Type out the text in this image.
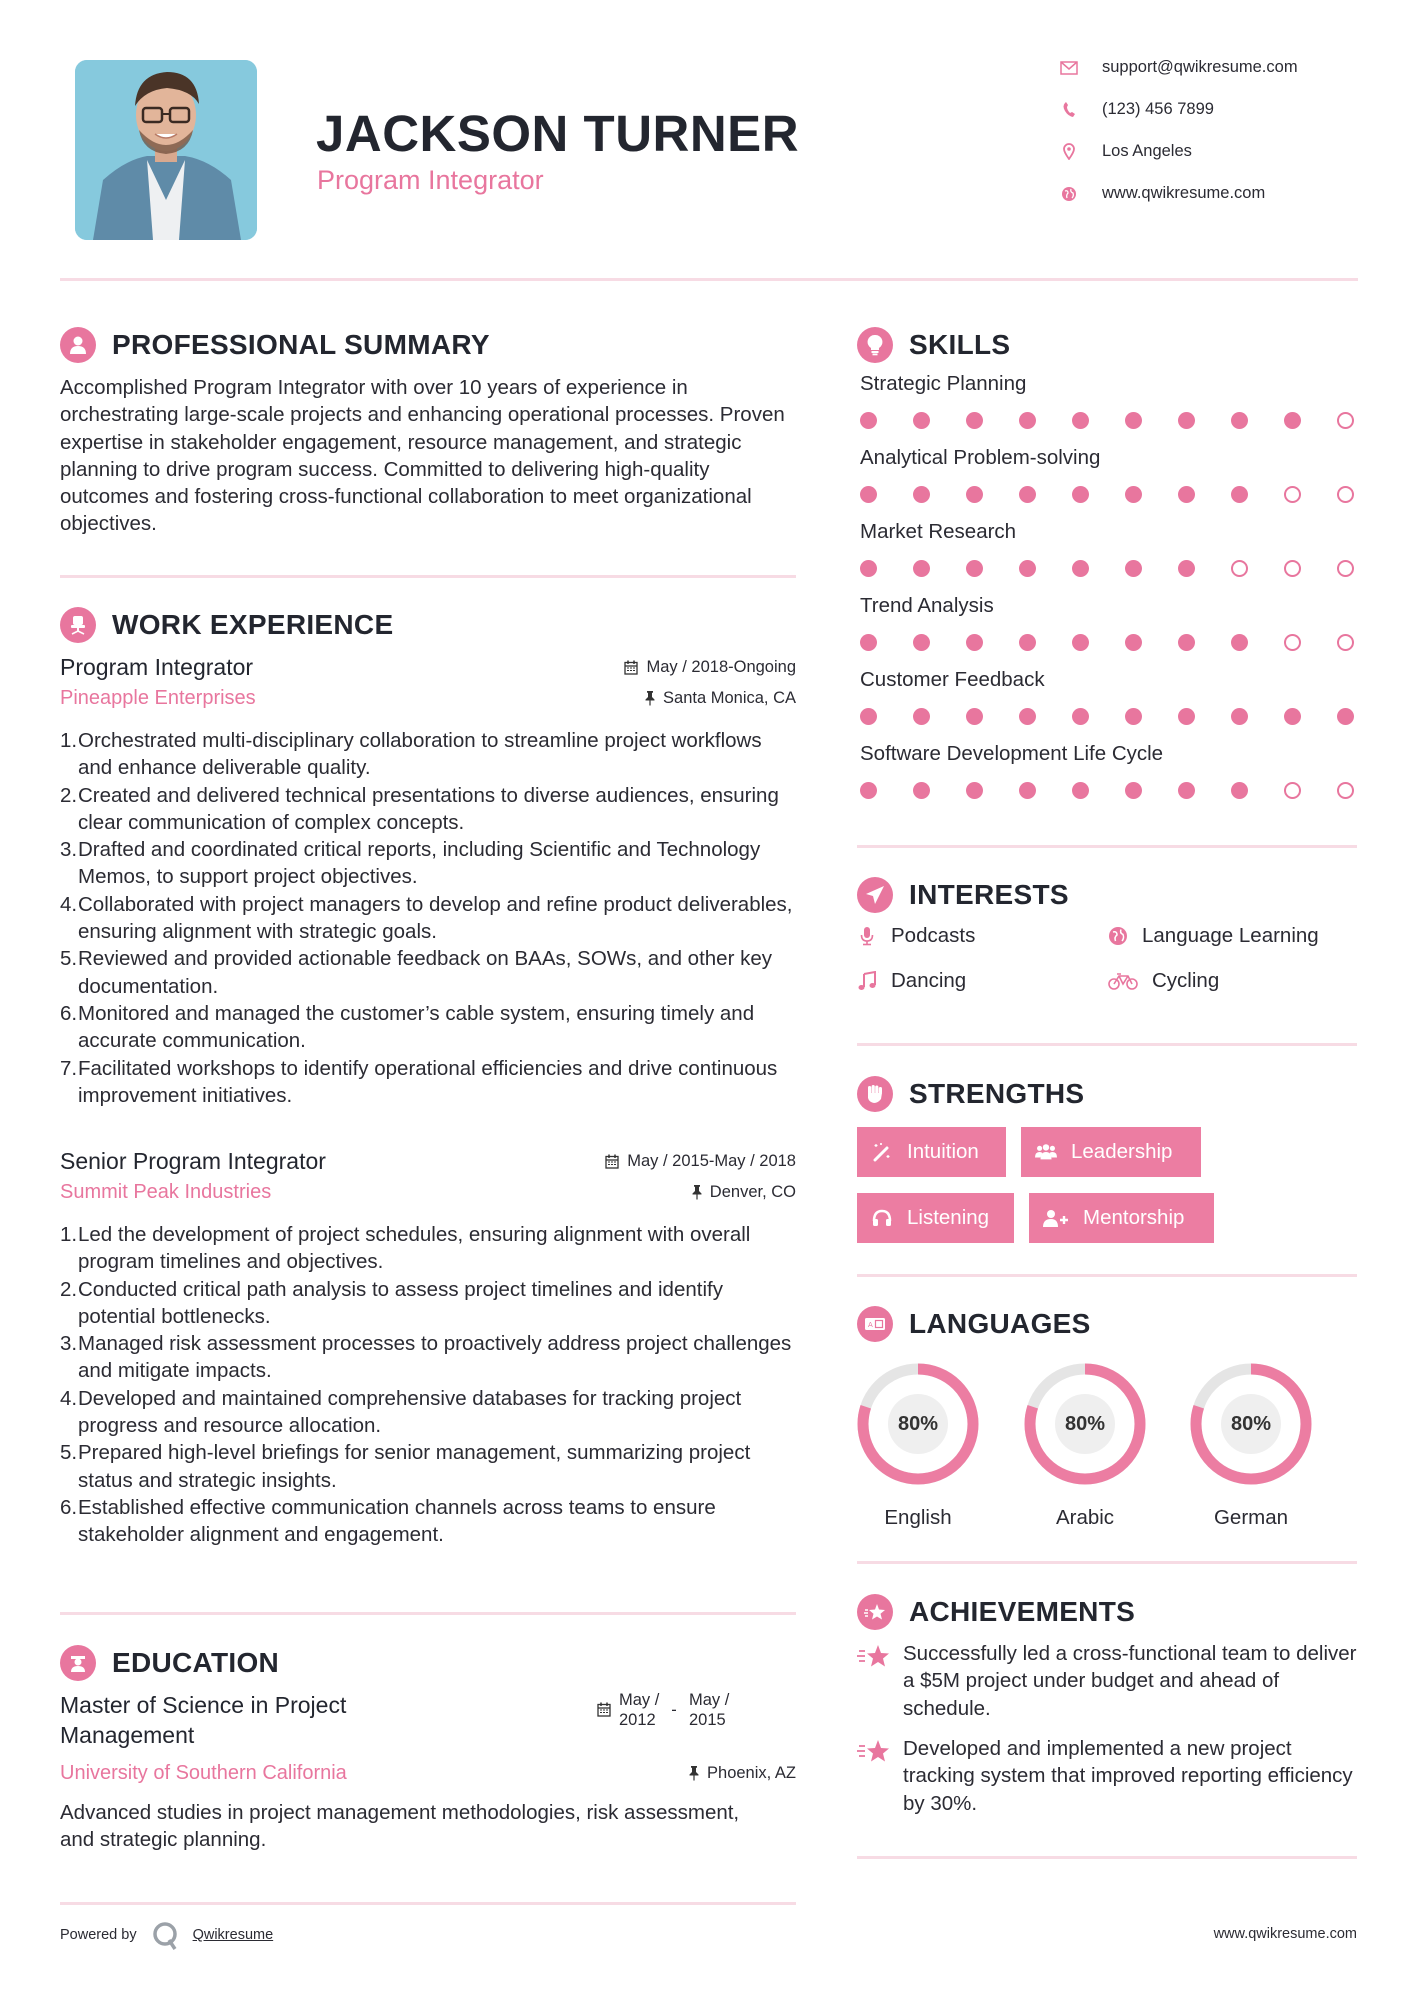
JACKSON TURNER
Program Integrator
support@qwikresume.com
(123) 456 7899
Los Angeles
www.qwikresume.com
PROFESSIONAL SUMMARY

Accomplished Program Integrator with over 10 years of experience in orchestrating large-scale projects and enhancing operational processes. Proven expertise in stakeholder engagement, resource management, and strategic planning to drive program success. Committed to delivering high-quality outcomes and fostering cross-functional collaboration to meet organizational objectives.

WORK EXPERIENCE
Program Integrator	May / 2018-Ongoing
Pineapple Enterprises	Santa Monica, CA
1. Orchestrated multi-disciplinary collaboration to streamline project workflows and enhance deliverable quality.
2. Created and delivered technical presentations to diverse audiences, ensuring clear communication of complex concepts.
3. Drafted and coordinated critical reports, including Scientific and Technology Memos, to support project objectives.
4. Collaborated with project managers to develop and refine product deliverables, ensuring alignment with strategic goals.
5. Reviewed and provided actionable feedback on BAAs, SOWs, and other key documentation.
6. Monitored and managed the customer’s cable system, ensuring timely and accurate communication.
7. Facilitated workshops to identify operational efficiencies and drive continuous improvement initiatives.
Senior Program Integrator	May / 2015-May / 2018
Summit Peak Industries	Denver, CO
1. Led the development of project schedules, ensuring alignment with overall program timelines and objectives.
2. Conducted critical path analysis to assess project timelines and identify potential bottlenecks.
3. Managed risk assessment processes to proactively address project challenges and mitigate impacts.
4. Developed and maintained comprehensive databases for tracking project progress and resource allocation.
5. Prepared high-level briefings for senior management, summarizing project status and strategic insights.
6. Established effective communication channels across teams to ensure stakeholder alignment and engagement.
EDUCATION
Master of Science in Project Management
May / 2012
-
May / 2015
University of Southern California	Phoenix, AZ

Advanced studies in project management methodologies, risk assessment, and strategic planning.

SKILLS
Strategic Planning
Analytical Problem-solving
Market Research
Trend Analysis
Customer Feedback
Software Development Life Cycle
INTERESTS
Podcasts	Language Learning
Dancing	Cycling
STRENGTHS
Intuition	Leadership
Listening	Mentorship
A LANGUAGES
80%
English
80%
Arabic
80%
German
ACHIEVEMENTS
Successfully led a cross-functional team to deliver a $5M project under budget and ahead of schedule.
Developed and implemented a new project tracking system that improved reporting efficiency by 30%.
Powered by	Qwikresume	www.qwikresume.com
